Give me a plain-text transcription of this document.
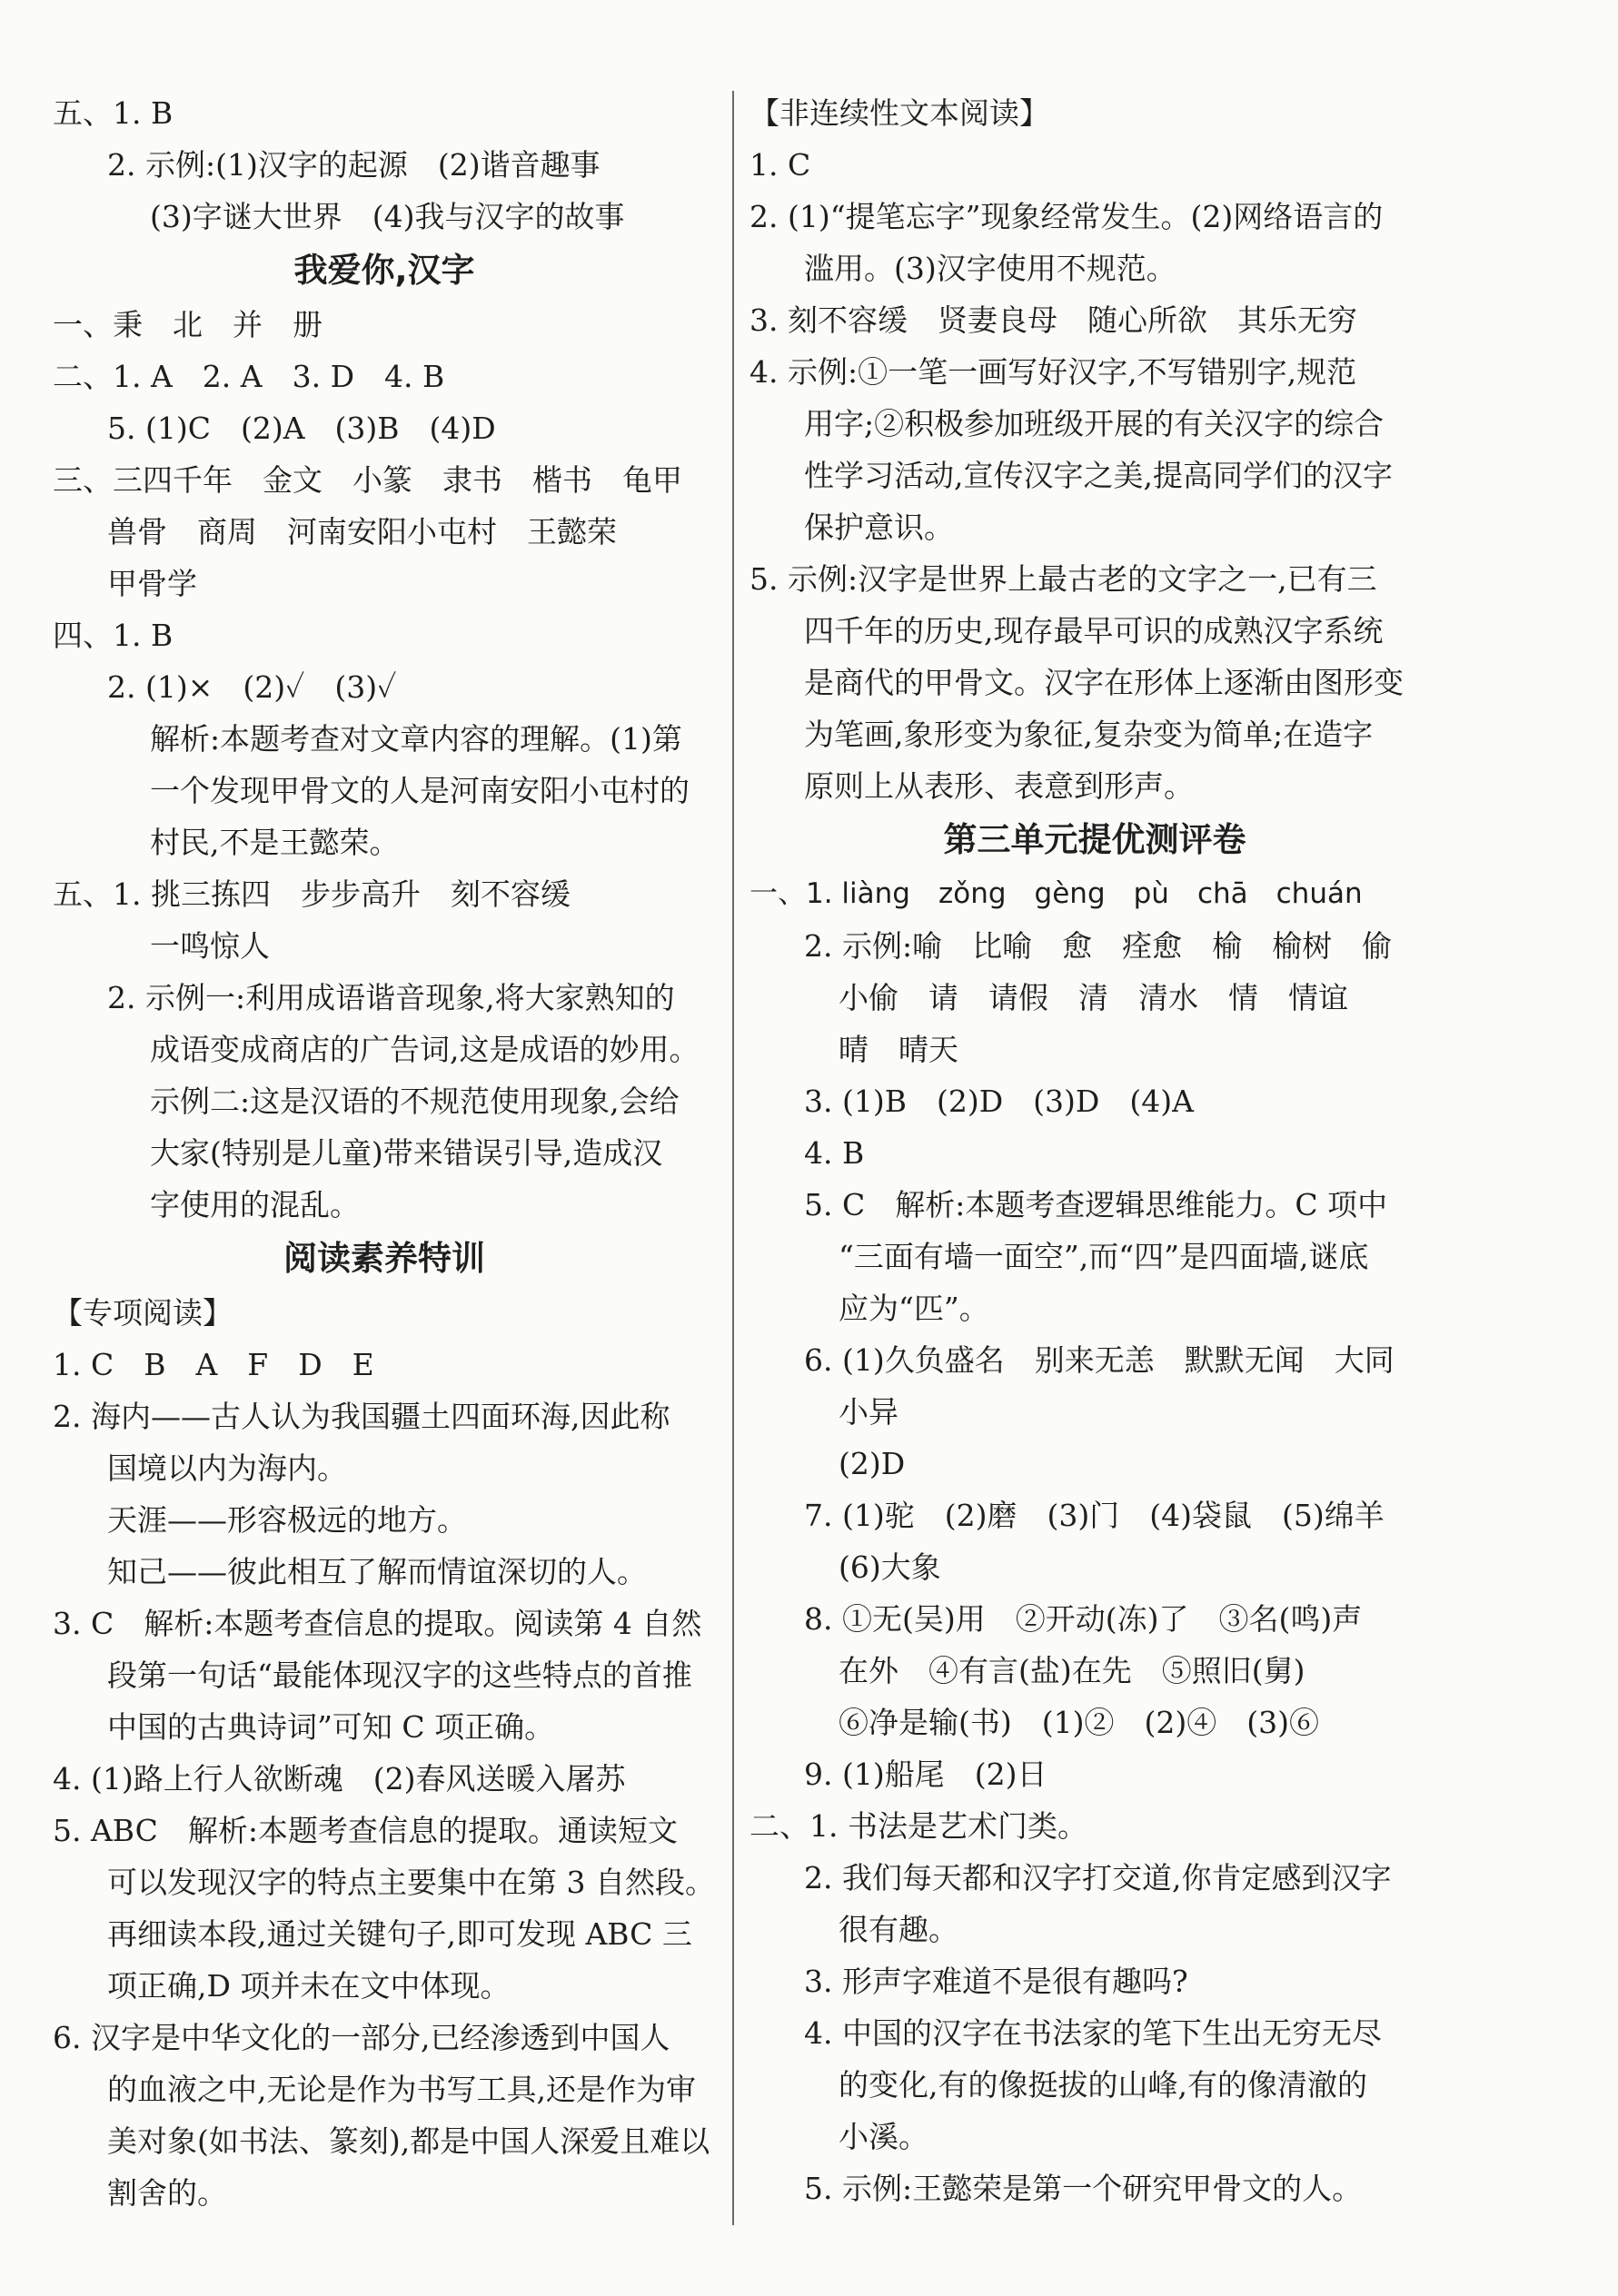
五、1. B
2. 示例:(1)汉字的起源　(2)谐音趣事
(3)字谜大世界　(4)我与汉字的故事
我爱你,汉字
一、秉　北　并　册
二、1. A　2. A　3. D　4. B
5. (1)C　(2)A　(3)B　(4)D
三、三四千年　金文　小篆　隶书　楷书　龟甲
兽骨　商周　河南安阳小屯村　王懿荣
甲骨学
四、1. B
2. (1)×　(2)✓　(3)✓
解析:本题考查对文章内容的理解。(1)第
一个发现甲骨文的人是河南安阳小屯村的
村民,不是王懿荣。
五、1. 挑三拣四　步步高升　刻不容缓
一鸣惊人
2. 示例一:利用成语谐音现象,将大家熟知的
成语变成商店的广告词,这是成语的妙用。
示例二:这是汉语的不规范使用现象,会给
大家(特别是儿童)带来错误引导,造成汉
字使用的混乱。
阅读素养特训
【专项阅读】
1. C　B　A　F　D　E
2. 海内——古人认为我国疆土四面环海,因此称
国境以内为海内。
天涯——形容极远的地方。
知己——彼此相互了解而情谊深切的人。
3. C　解析:本题考查信息的提取。阅读第 4 自然
段第一句话“最能体现汉字的这些特点的首推
中国的古典诗词”可知 C 项正确。
4. (1)路上行人欲断魂　(2)春风送暖入屠苏
5. ABC　解析:本题考查信息的提取。通读短文
可以发现汉字的特点主要集中在第 3 自然段。
再细读本段,通过关键句子,即可发现 ABC 三
项正确,D 项并未在文中体现。
6. 汉字是中华文化的一部分,已经渗透到中国人
的血液之中,无论是作为书写工具,还是作为审
美对象(如书法、篆刻),都是中国人深爱且难以
割舍的。
【非连续性文本阅读】
1. C
2. (1)“提笔忘字”现象经常发生。(2)网络语言的
滥用。(3)汉字使用不规范。
3. 刻不容缓　贤妻良母　随心所欲　其乐无穷
4. 示例:①一笔一画写好汉字,不写错别字,规范
用字;②积极参加班级开展的有关汉字的综合
性学习活动,宣传汉字之美,提高同学们的汉字
保护意识。
5. 示例:汉字是世界上最古老的文字之一,已有三
四千年的历史,现存最早可识的成熟汉字系统
是商代的甲骨文。汉字在形体上逐渐由图形变
为笔画,象形变为象征,复杂变为简单;在造字
原则上从表形、表意到形声。
第三单元提优测评卷
一、1. liàng　zǒng　gèng　pù　chā　chuán
2. 示例:喻　比喻　愈　痊愈　榆　榆树　偷
小偷　请　请假　清　清水　情　情谊
晴　晴天
3. (1)B　(2)D　(3)D　(4)A
4. B
5. C　解析:本题考查逻辑思维能力。C 项中
“三面有墙一面空”,而“四”是四面墙,谜底
应为“匹”。
6. (1)久负盛名　别来无恙　默默无闻　大同
小异
(2)D
7. (1)驼　(2)磨　(3)门　(4)袋鼠　(5)绵羊
(6)大象
8. ①无(吴)用　②开动(冻)了　③名(鸣)声
在外　④有言(盐)在先　⑤照旧(舅)
⑥净是输(书)　(1)②　(2)④　(3)⑥
9. (1)船尾　(2)日
二、1. 书法是艺术门类。
2. 我们每天都和汉字打交道,你肯定感到汉字
很有趣。
3. 形声字难道不是很有趣吗?
4. 中国的汉字在书法家的笔下生出无穷无尽
的变化,有的像挺拔的山峰,有的像清澈的
小溪。
5. 示例:王懿荣是第一个研究甲骨文的人。
